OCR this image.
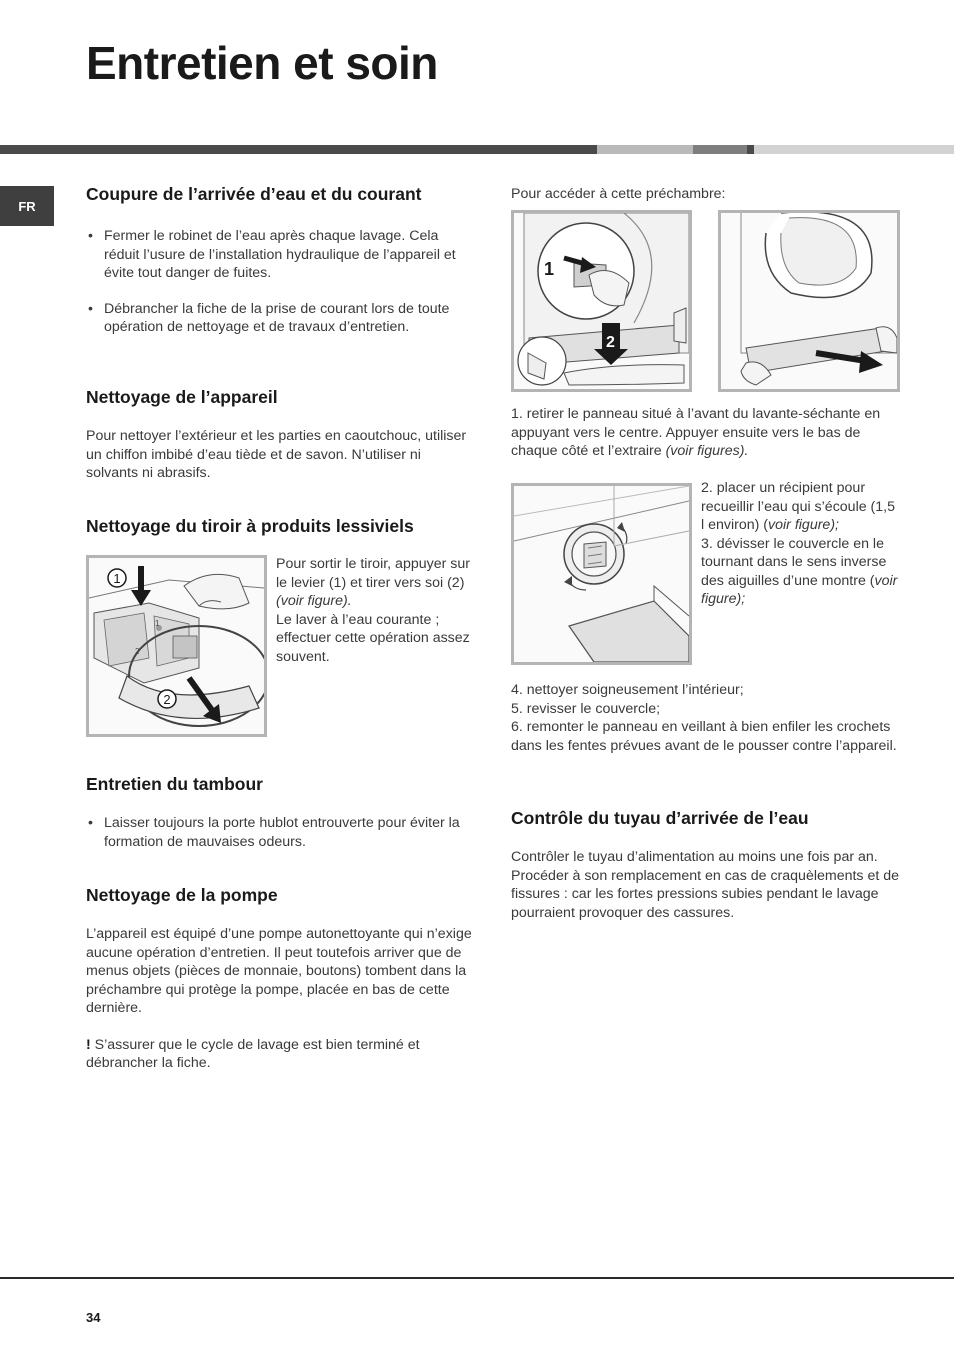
Entretien et soin
FR
Coupure de l’arrivée d’eau et du courant

• Fermer le robinet de l’eau après chaque lavage. Cela réduit l’usure de l’installation hydraulique de l’appareil et évite tout danger de fuites.

• Débrancher la fiche de la prise de courant lors de toute opération de nettoyage et de travaux d’entretien.

Nettoyage de l’appareil

Pour nettoyer l’extérieur et les parties en caoutchouc, utiliser un chiffon imbibé d’eau tiède et de savon. N’utiliser ni solvants ni abrasifs.

Nettoyage du tiroir à produits lessiviels
1
2
1
2

Pour sortir le tiroir, appuyer sur le levier (1) et tirer vers soi (2) (voir figure).

Le laver à l’eau courante ; effectuer cette opération assez souvent.

Entretien du tambour

• Laisser toujours la porte hublot entrouverte pour éviter la formation de mauvaises odeurs.

Nettoyage de la pompe

L’appareil est équipé d’une pompe autonettoyante qui n’exige aucune opération d’entretien. Il peut toutefois arriver que de menus objets (pièces de monnaie, boutons) tombent dans la préchambre qui protège la pompe, placée en bas de cette dernière.

! S’assurer que le cycle de lavage est bien terminé et débrancher la fiche.

Pour accéder à cette préchambre:

1
2

1. retirer le panneau situé à l’avant du lavante-séchante en appuyant vers le centre. Appuyer ensuite vers le bas de chaque côté et l’extraire (voir figures).

2. placer un récipient pour recueillir l’eau qui s’écoule (1,5 l environ) (voir figure);

3. dévisser le couvercle en le tournant dans le sens inverse des aiguilles d’une montre (voir figure);

4. nettoyer soigneusement l’intérieur;

5. revisser le couvercle;

6. remonter le panneau en veillant à bien enfiler les crochets dans les fentes prévues avant de le pousser contre l’appareil.

Contrôle du tuyau d’arrivée de l’eau

Contrôler le tuyau d’alimentation au moins une fois par an. Procéder à son remplacement en cas de craquèlements et de fissures : car les fortes pressions subies pendant le lavage pourraient provoquer des cassures.

34
